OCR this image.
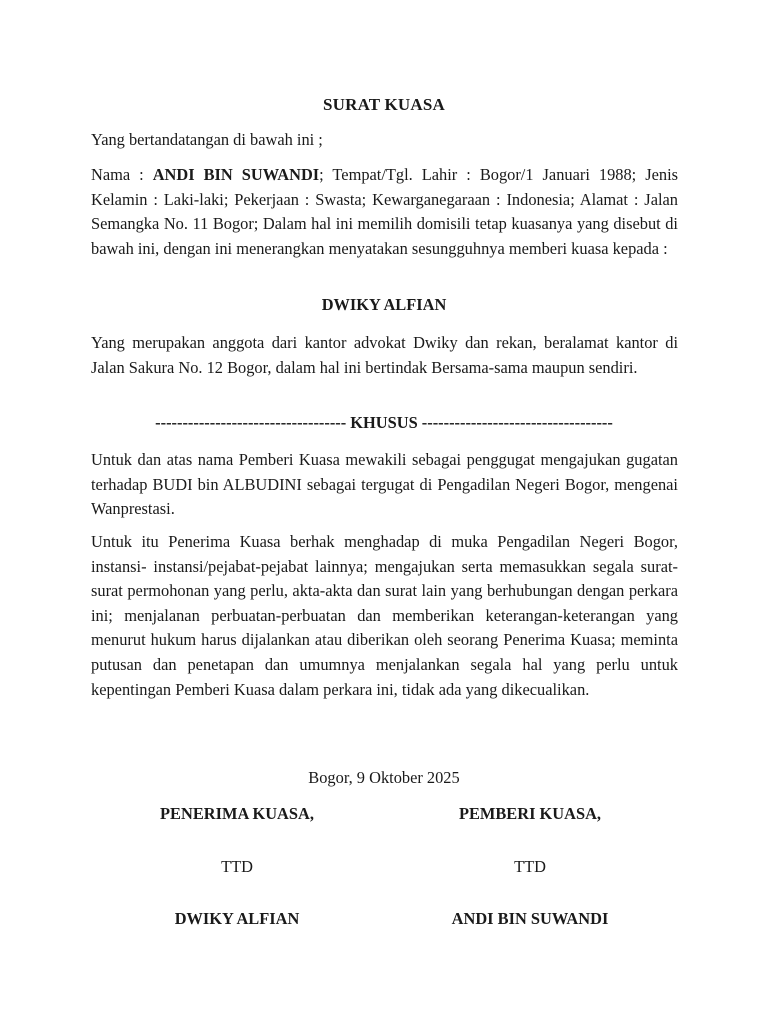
SURAT KUASA

Yang bertandatangan di bawah ini ;

Nama : ANDI BIN SUWANDI; Tempat/Tgl. Lahir : Bogor/1 Januari 1988; Jenis Kelamin : Laki-laki; Pekerjaan : Swasta; Kewarganegaraan : Indonesia; Alamat : Jalan Semangka No. 11 Bogor; Dalam hal ini memilih domisili tetap kuasanya yang disebut di bawah ini, dengan ini menerangkan menyatakan sesungguhnya memberi kuasa kepada :

DWIKY ALFIAN

Yang merupakan anggota dari kantor advokat Dwiky dan rekan, beralamat kantor di Jalan Sakura No. 12 Bogor, dalam hal ini bertindak Bersama-sama maupun sendiri.

----------------------------------- KHUSUS -----------------------------------

Untuk dan atas nama Pemberi Kuasa mewakili sebagai penggugat mengajukan gugatan terhadap BUDI bin ALBUDINI sebagai tergugat di Pengadilan Negeri Bogor, mengenai Wanprestasi.

Untuk itu Penerima Kuasa berhak menghadap di muka Pengadilan Negeri Bogor, instansi- instansi/pejabat-pejabat lainnya; mengajukan serta memasukkan segala surat-surat permohonan yang perlu, akta-akta dan surat lain yang berhubungan dengan perkara ini; menjalanan perbuatan-perbuatan dan memberikan keterangan-keterangan yang menurut hukum harus dijalankan atau diberikan oleh seorang Penerima Kuasa; meminta putusan dan penetapan dan umumnya menjalankan segala hal yang perlu untuk kepentingan Pemberi Kuasa dalam perkara ini, tidak ada yang dikecualikan.

Bogor, 9 Oktober 2025
PENERIMA KUASA,	PEMBERI KUASA,
TTD	TTD
DWIKY ALFIAN	ANDI BIN SUWANDI
